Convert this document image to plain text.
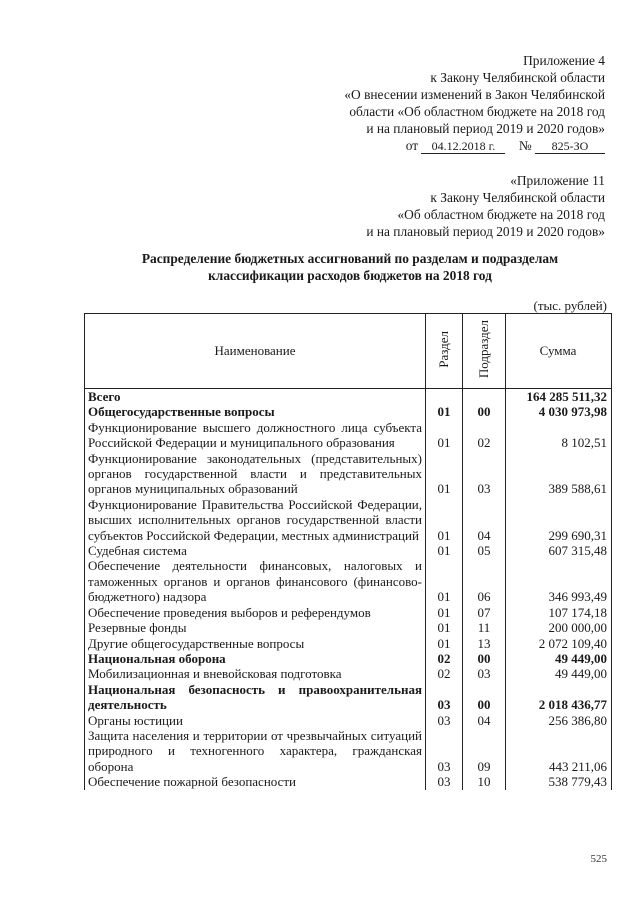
Приложение 4
к Закону Челябинской области
«О внесении изменений в Закон Челябинской
области «Об областном бюджете на 2018 год
и на плановый период 2019 и 2020 годов»
от 04.12.2018 г. № 825-ЗО
«Приложение 11
к Закону Челябинской области
«Об областном бюджете на 2018 год
и на плановый период 2019 и 2020 годов»
Распределение бюджетных ассигнований по разделам и подразделам
классификации расходов бюджетов на 2018 год
(тыс. рублей)
Наименование	Раздел	Подраздел	Сумма
Всего			164 285 511,32
Общегосударственные вопросы	01	00	4 030 973,98
Функционирование высшего должностного лица субъекта Российской Федерации и муниципального образования	01	02	8 102,51
Функционирование законодательных (представительных) органов государственной власти и представительных органов муниципальных образований	01	03	389 588,61
Функционирование Правительства Российской Федерации, высших исполнительных органов государственной власти субъектов Российской Федерации, местных администраций	01	04	299 690,31
Судебная система	01	05	607 315,48
Обеспечение деятельности финансовых, налоговых и таможенных органов и органов финансового (финансово-бюджетного) надзора	01	06	346 993,49
Обеспечение проведения выборов и референдумов	01	07	107 174,18
Резервные фонды	01	11	200 000,00
Другие общегосударственные вопросы	01	13	2 072 109,40
Национальная оборона	02	00	49 449,00
Мобилизационная и вневойсковая подготовка	02	03	49 449,00
Национальная безопасность и правоохранительная деятельность	03	00	2 018 436,77
Органы юстиции	03	04	256 386,80
Защита населения и территории от чрезвычайных ситуаций природного и техногенного характера, гражданская оборона	03	09	443 211,06
Обеспечение пожарной безопасности	03	10	538 779,43
525
